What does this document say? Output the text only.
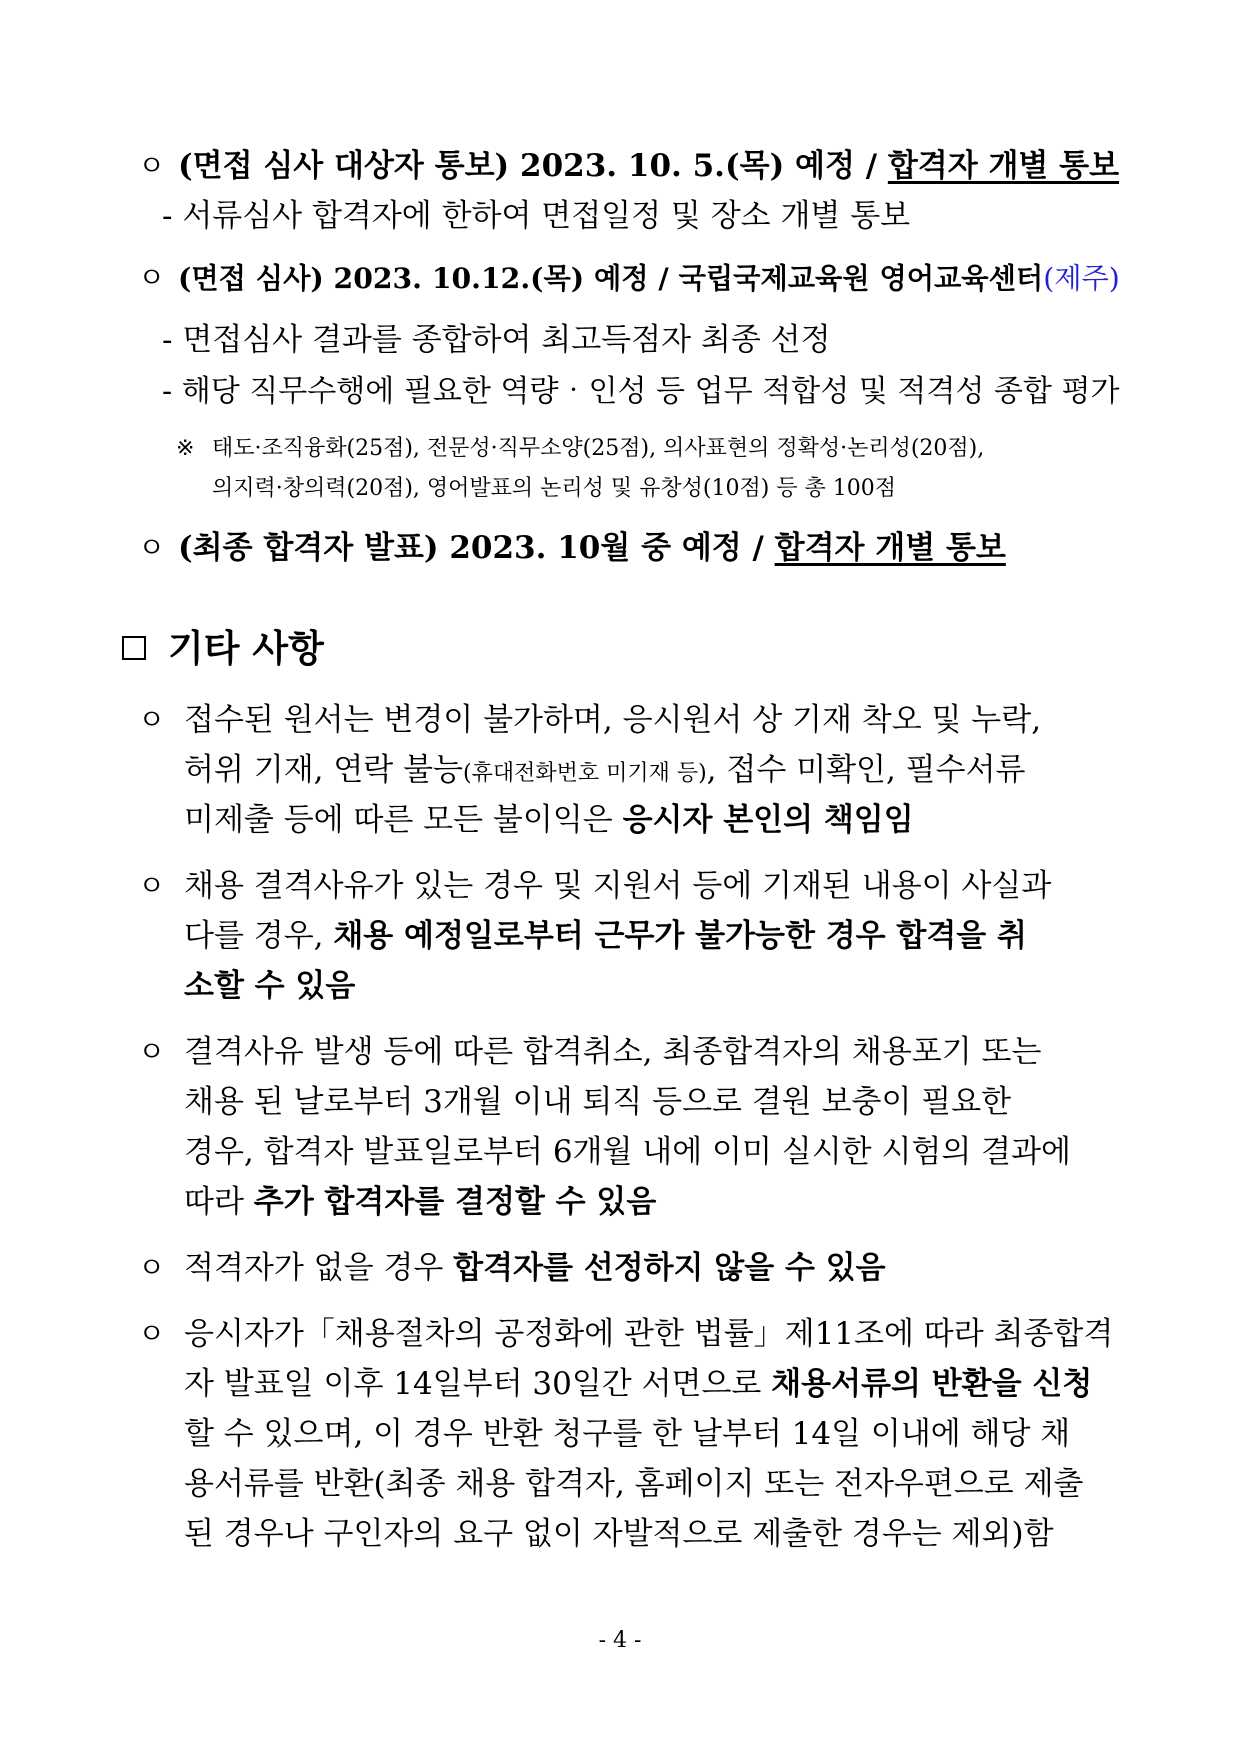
ㅇ (면접 심사 대상자 통보) 2023. 10. 5.(목) 예정 / 합격자 개별 통보
- 서류심사 합격자에 한하여 면접일정 및 장소 개별 통보
ㅇ (면접 심사) 2023. 10.12.(목) 예정 / 국립국제교육원 영어교육센터(제주)
- 면접심사 결과를 종합하여 최고득점자 최종 선정
- 해당 직무수행에 필요한 역량‧인성 등 업무 적합성 및 적격성 종합 평가
※ 태도·조직융화(25점), 전문성·직무소양(25점), 의사표현의 정확성·논리성(20점),
의지력·창의력(20점), 영어발표의 논리성 및 유창성(10점) 등 총 100점
ㅇ (최종 합격자 발표) 2023. 10월 중 예정 / 합격자 개별 통보
기타 사항
ㅇ 접수된 원서는 변경이 불가하며, 응시원서 상 기재 착오 및 누락,
허위 기재, 연락 불능(휴대전화번호 미기재 등), 접수 미확인, 필수서류
미제출 등에 따른 모든 불이익은 응시자 본인의 책임임
ㅇ 채용 결격사유가 있는 경우 및 지원서 등에 기재된 내용이 사실과
다를 경우, 채용 예정일로부터 근무가 불가능한 경우 합격을 취
소할 수 있음
ㅇ 결격사유 발생 등에 따른 합격취소, 최종합격자의 채용포기 또는
채용 된 날로부터 3개월 이내 퇴직 등으로 결원 보충이 필요한
경우, 합격자 발표일로부터 6개월 내에 이미 실시한 시험의 결과에
따라 추가 합격자를 결정할 수 있음
ㅇ 적격자가 없을 경우 합격자를 선정하지 않을 수 있음
ㅇ 응시자가「채용절차의 공정화에 관한 법률」제11조에 따라 최종합격
자 발표일 이후 14일부터 30일간 서면으로 채용서류의 반환을 신청
할 수 있으며, 이 경우 반환 청구를 한 날부터 14일 이내에 해당 채
용서류를 반환(최종 채용 합격자, 홈페이지 또는 전자우편으로 제출
된 경우나 구인자의 요구 없이 자발적으로 제출한 경우는 제외)함
- 4 -
